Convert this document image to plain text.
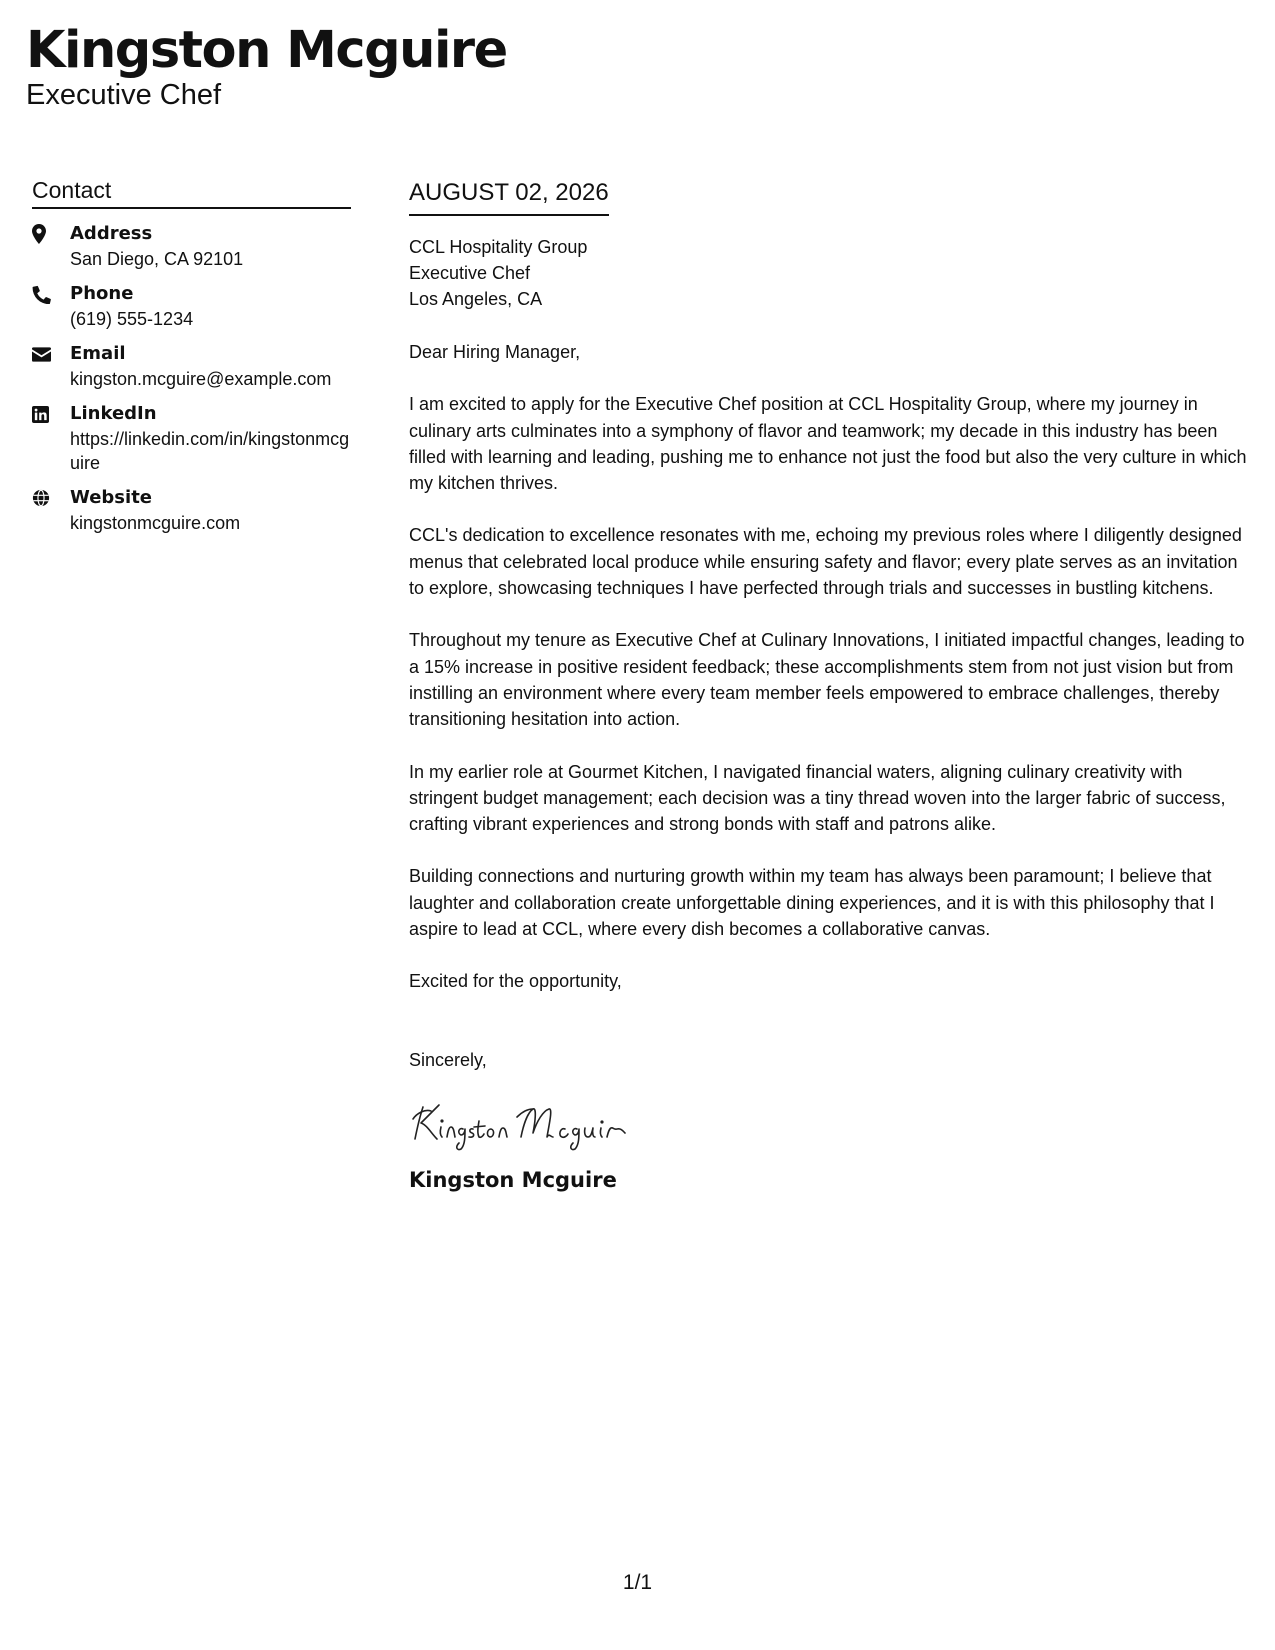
Kingston Mcguire
Executive Chef
Contact
Address
San Diego, CA 92101
Phone
(619) 555-1234
Email
kingston.mcguire@example.com
LinkedIn
https://linkedin.com/in/kingstonmcguire
Website
kingstonmcguire.com
AUGUST 02, 2026
CCL Hospitality Group
Executive Chef
Los Angeles, CA

Dear Hiring Manager,

I am excited to apply for the Executive Chef position at CCL Hospitality Group, where my journey in culinary arts culminates into a symphony of flavor and teamwork; my decade in this industry has been filled with learning and leading, pushing me to enhance not just the food but also the very culture in which my kitchen thrives.

CCL's dedication to excellence resonates with me, echoing my previous roles where I diligently designed menus that celebrated local produce while ensuring safety and flavor; every plate serves as an invitation to explore, showcasing techniques I have perfected through trials and successes in bustling kitchens.

Throughout my tenure as Executive Chef at Culinary Innovations, I initiated impactful changes, leading to a 15% increase in positive resident feedback; these accomplishments stem from not just vision but from instilling an environment where every team member feels empowered to embrace challenges, thereby transitioning hesitation into action.

In my earlier role at Gourmet Kitchen, I navigated financial waters, aligning culinary creativity with stringent budget management; each decision was a tiny thread woven into the larger fabric of success, crafting vibrant experiences and strong bonds with staff and patrons alike.

Building connections and nurturing growth within my team has always been paramount; I believe that laughter and collaboration create unforgettable dining experiences, and it is with this philosophy that I aspire to lead at CCL, where every dish becomes a collaborative canvas.

Excited for the opportunity,

Sincerely,

Kingston Mcguire
1/1
